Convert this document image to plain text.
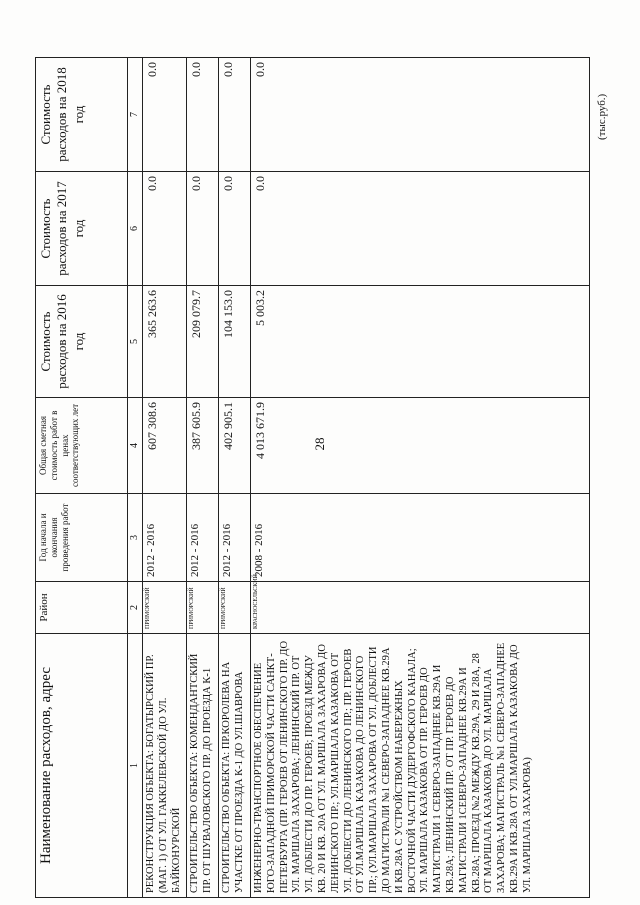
28
(тыс.руб.)
Наименование расходов, адрес	Район	Год начала и окончания проведения работ	Общая сметная стоимость работ в ценах соответствующих лет	Стоимость расходов на 2016 год	Стоимость расходов на 2017 год	Стоимость расходов на 2018 год
1	2	3	4	5	6	7
РЕКОНСТРУКЦИЯ ОБЪЕКТА: БОГАТЫРСКИЙ ПР. (МАГ. 1) ОТ УЛ. ГАККЕЛЕВСКОЙ ДО УЛ. БАЙКОНУРСКОЙ	ПРИМОРСКИЙ	2012 - 2016	607 308.6	365 263.6	0.0	0.0
СТРОИТЕЛЬСТВО ОБЪЕКТА: КОМЕНДАНТСКИЙ ПР. ОТ ШУВАЛОВСКОГО ПР. ДО ПРОЕЗДА К-1	ПРИМОРСКИЙ	2012 - 2016	387 605.9	209 079.7	0.0	0.0
СТРОИТЕЛЬСТВО ОБЪЕКТА: ПР.КОРОЛЕВА НА УЧАСТКЕ ОТ ПРОЕЗДА К-1 ДО УЛ.ШАВРОВА	ПРИМОРСКИЙ	2012 - 2016	402 905.1	104 153.0	0.0	0.0
ИНЖЕНЕРНО-ТРАНСПОРТНОЕ ОБЕСПЕЧЕНИЕ ЮГО-ЗАПАДНОЙ ПРИМОРСКОЙ ЧАСТИ САНКТ-ПЕТЕРБУРГА (ПР. ГЕРОЕВ ОТ ЛЕНИНСКОГО ПР. ДО УЛ. МАРШАЛА ЗАХАРОВА; ЛЕНИНСКИЙ ПР. ОТ УЛ. ДОБЛЕСТИ ДО ПР. ГЕРОЕВ; ПРОЕЗД МЕЖДУ КВ. 20 И КВ. 20А ОТ УЛ. МАРШАЛА ЗАХАРОВА ДО ЛЕНИНСКОГО ПР.; УЛ.МАРШАЛА КАЗАКОВА ОТ УЛ. ДОБЛЕСТИ ДО ЛЕНИНСКОГО ПР.; ПР. ГЕРОЕВ ОТ УЛ.МАРШАЛА КАЗАКОВА ДО ЛЕНИНСКОГО ПР.; (УЛ.МАРШАЛА ЗАХАРОВА ОТ УЛ. ДОБЛЕСТИ ДО МАГИСТРАЛИ №1 СЕВЕРО-ЗАПАДНЕЕ КВ.29А И КВ.28А С УСТРОЙСТВОМ НАБЕРЕЖНЫХ ВОСТОЧНОЙ ЧАСТИ ДУДЕРГОФСКОГО КАНАЛА; УЛ. МАРШАЛА КАЗАКОВА ОТ ПР. ГЕРОЕВ ДО МАГИСТРАЛИ 1 СЕВЕРО-ЗАПАДНЕЕ КВ.29А И КВ.28А; ЛЕНИНСКИЙ ПР. ОТ ПР. ГЕРОЕВ ДО МАГИСТРАЛИ 1СЕВЕРО-ЗАПАДНЕЕ КВ.29А И КВ.28А; ПРОЕЗД №2 МЕЖДУ КВ.29А, 29 И 28А, 28 ОТ МАРШАЛА КАЗАКОВА ДО УЛ. МАРШАЛА ЗАХАРОВА; МАГИСТРАЛЬ №1 СЕВЕРО-ЗАПАДНЕЕ КВ.29А И КВ.28А ОТ УЛ.МАРШАЛА КАЗАКОВА ДО УЛ. МАРШАЛА ЗАХАРОВА)	КРАСНОСЕЛЬСКИЙ	2008 - 2016	4 013 671.9	5 003.2	0.0	0.0
